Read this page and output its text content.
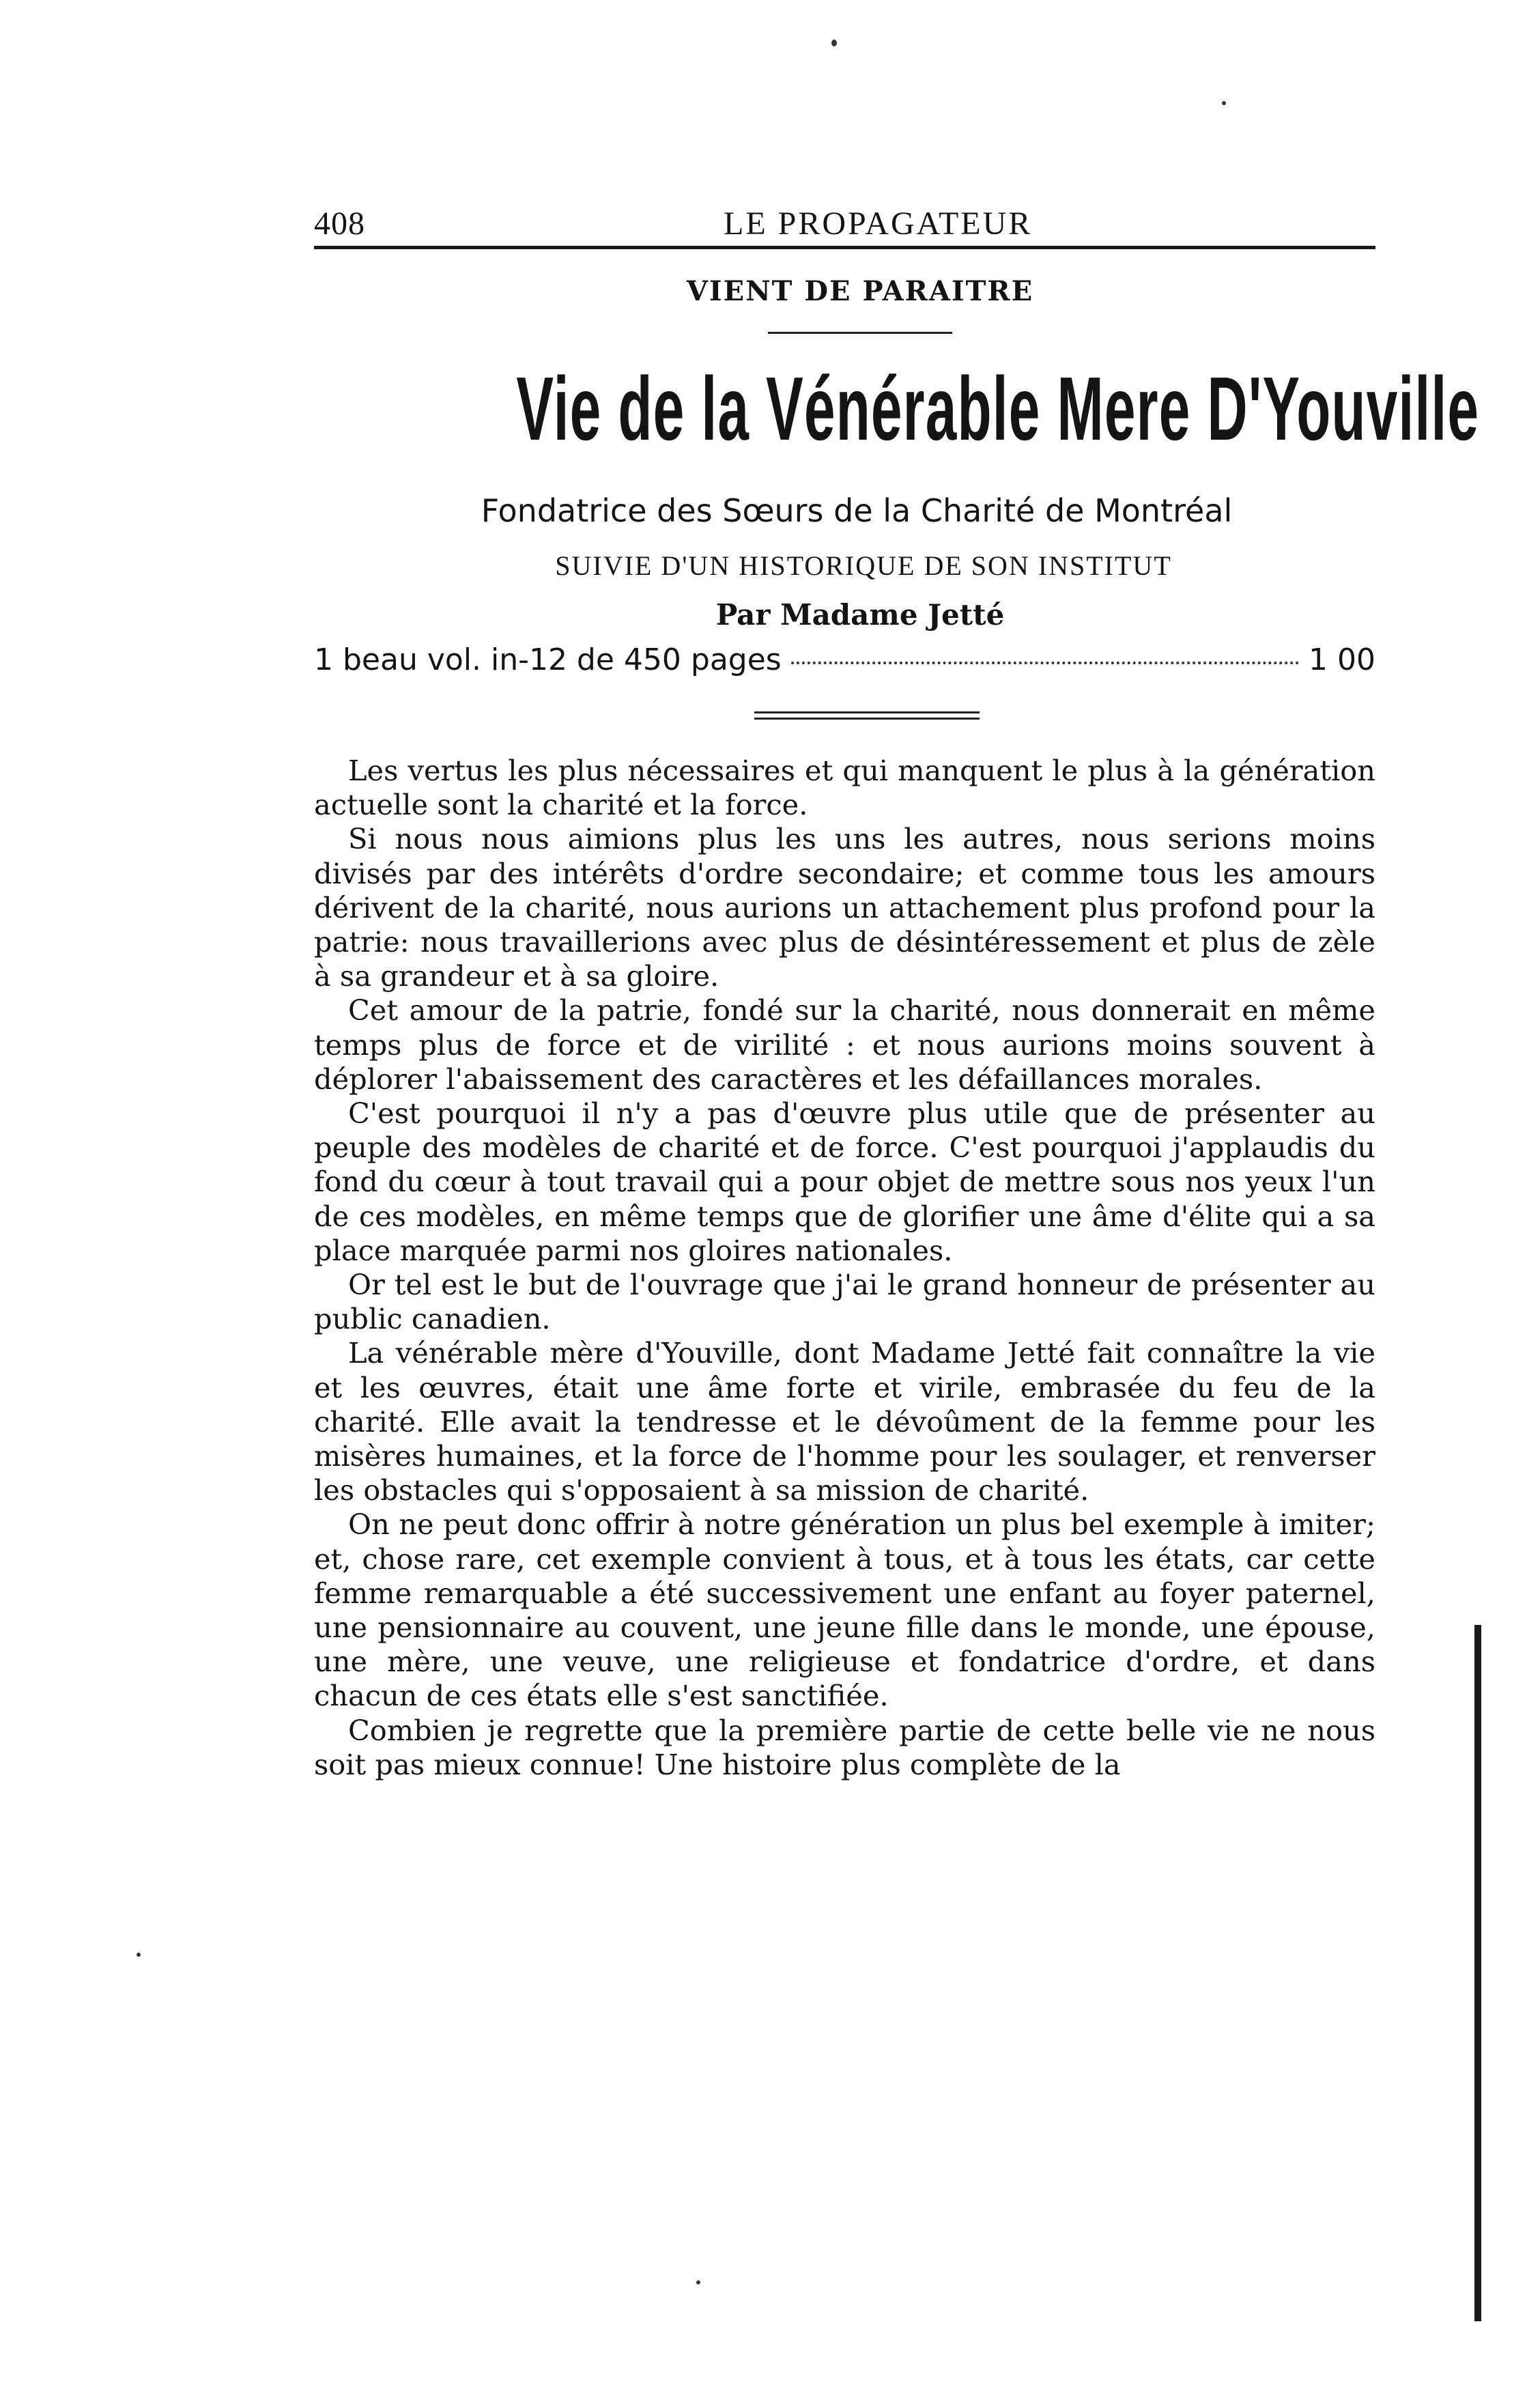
408	LE PROPAGATEUR
VIENT DE PARAITRE
Vie de la Vénérable Mere D'Youville
Fondatrice des Sœurs de la Charité de Montréal
SUIVIE D'UN HISTORIQUE DE SON INSTITUT
Par Madame Jetté
1 beau vol. in-12 de 450 pages	1 00

Les vertus les plus nécessaires et qui manquent le plus à la génération actuelle sont la charité et la force.

Si nous nous aimions plus les uns les autres, nous serions moins divisés par des intérêts d'ordre secondaire; et comme tous les amours dérivent de la charité, nous aurions un attachement plus profond pour la patrie: nous travaillerions avec plus de désintéressement et plus de zèle à sa grandeur et à sa gloire.

Cet amour de la patrie, fondé sur la charité, nous donnerait en même temps plus de force et de virilité : et nous aurions moins souvent à déplorer l'abaissement des caractères et les défaillances morales.

C'est pourquoi il n'y a pas d'œuvre plus utile que de présenter au peuple des modèles de charité et de force. C'est pourquoi j'applaudis du fond du cœur à tout travail qui a pour objet de mettre sous nos yeux l'un de ces modèles, en même temps que de glorifier une âme d'élite qui a sa place marquée parmi nos gloires nationales.

Or tel est le but de l'ouvrage que j'ai le grand honneur de présenter au public canadien.

La vénérable mère d'Youville, dont Madame Jetté fait connaître la vie et les œuvres, était une âme forte et virile, embrasée du feu de la charité. Elle avait la tendresse et le dévoûment de la femme pour les misères humaines, et la force de l'homme pour les soulager, et renverser les obstacles qui s'opposaient à sa mission de charité.

On ne peut donc offrir à notre génération un plus bel exemple à imiter; et, chose rare, cet exemple convient à tous, et à tous les états, car cette femme remarquable a été successivement une enfant au foyer paternel, une pensionnaire au couvent, une jeune fille dans le monde, une épouse, une mère, une veuve, une religieuse et fondatrice d'ordre, et dans chacun de ces états elle s'est sanctifiée.

Combien je regrette que la première partie de cette belle vie ne nous soit pas mieux connue! Une histoire plus complète de la
